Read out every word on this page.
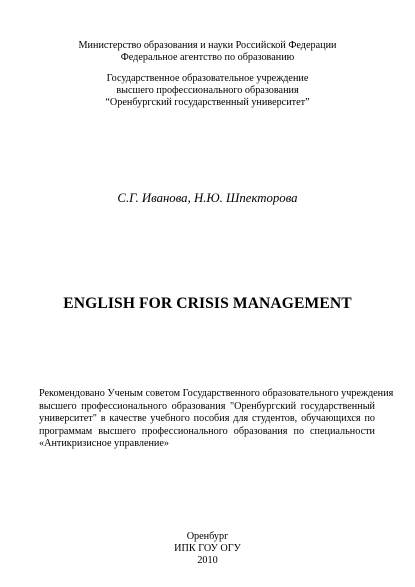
Министерство образования и науки Российской Федерации
Федеральное агентство по образованию
Государственное образовательное учреждение
высшего профессионального образования
“Оренбургский государственный университет”
С.Г. Иванова, Н.Ю. Шпекторова
ENGLISH FOR CRISIS MANAGEMENT
Рекомендовано Ученым советом Государственного образовательного учреждения
высшего профессионального образования "Оренбургский государственный
университет" в качестве учебного пособия для студентов, обучающихся по
программам высшего профессионального образования по специальности
«Антикризисное управление»
Оренбург
ИПК ГОУ ОГУ
2010
